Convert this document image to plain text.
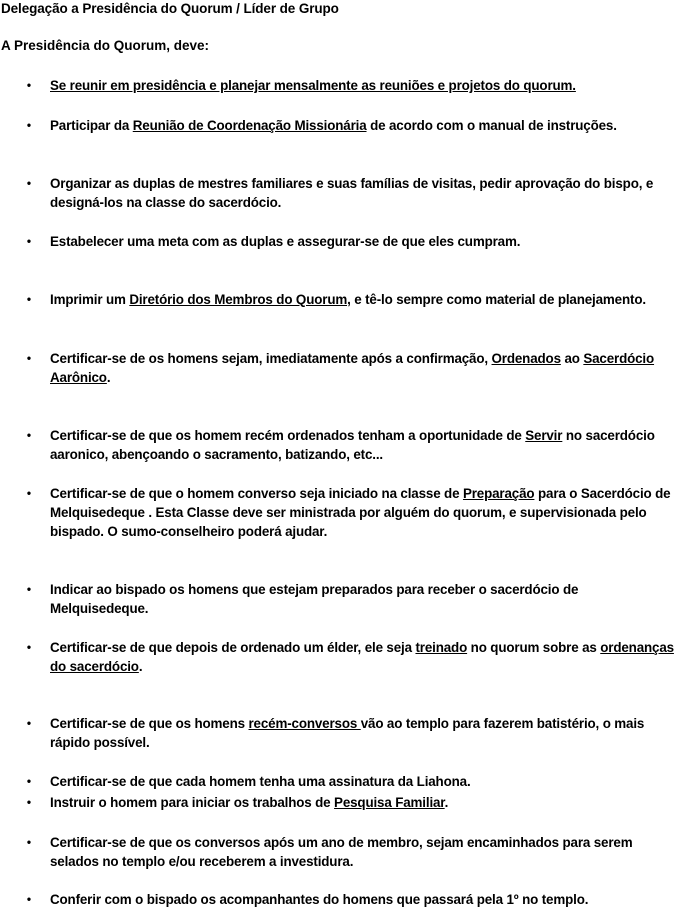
Delegação a Presidência do Quorum / Líder de Grupo
A Presidência do Quorum, deve:
• Se reunir em presidência e planejar mensalmente as reuniões e projetos do quorum.
• Participar da Reunião de Coordenação Missionária de acordo com o manual de instruções.
• Organizar as duplas de mestres familiares e suas famílias de visitas, pedir aprovação do bispo, e designá-los na classe do sacerdócio.
• Estabelecer uma meta com as duplas e assegurar-se de que eles cumpram.
• Imprimir um Diretório dos Membros do Quorum, e tê-lo sempre como material de planejamento.
• Certificar-se de os homens sejam, imediatamente após a confirmação, Ordenados ao Sacerdócio Aarônico.
• Certificar-se de que os homem recém ordenados tenham a oportunidade de Servir no sacerdócio aaronico, abençoando o sacramento, batizando, etc...
• Certificar-se de que o homem converso seja iniciado na classe de Preparação para o Sacerdócio de Melquisedeque . Esta Classe deve ser ministrada por alguém do quorum, e supervisionada pelo bispado. O sumo-conselheiro poderá ajudar.
• Indicar ao bispado os homens que estejam preparados para receber o sacerdócio de Melquisedeque.
• Certificar-se de que depois de ordenado um élder, ele seja treinado no quorum sobre as ordenanças do sacerdócio.
• Certificar-se de que os homens recém-conversos vão ao templo para fazerem batistério, o mais rápido possível.
• Certificar-se de que cada homem tenha uma assinatura da Liahona.
• Instruir o homem para iniciar os trabalhos de Pesquisa Familiar.
• Certificar-se de que os conversos após um ano de membro, sejam encaminhados para serem selados no templo e/ou receberem a investidura.
• Conferir com o bispado os acompanhantes do homens que passará pela 1º no templo.
